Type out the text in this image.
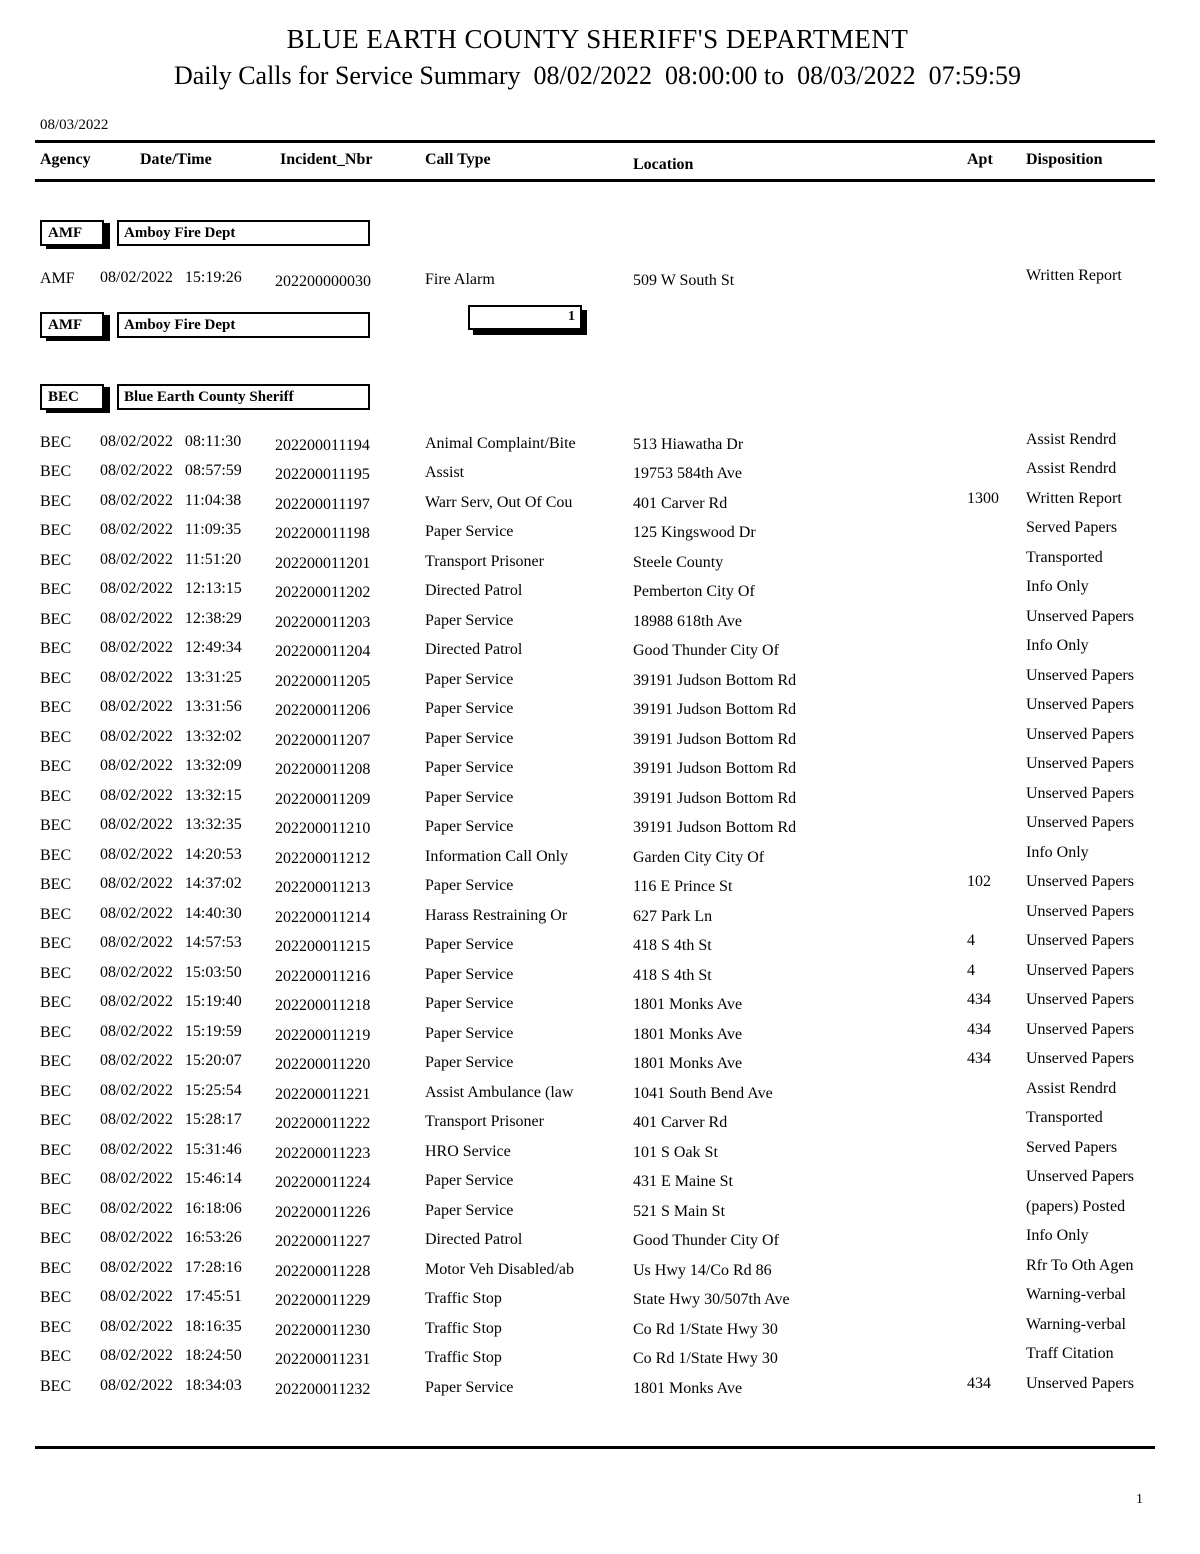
BLUE EARTH COUNTY SHERIFF'S DEPARTMENT
Daily Calls for Service Summary  08/02/2022  08:00:00 to  08/03/2022  07:59:59
08/03/2022
Agency	Date/Time	Incident_Nbr	Call Type	Location	Apt	Disposition
AMF	Amboy Fire Dept
AMF	08/02/2022 15:19:26 202200000030	Fire Alarm	509 W South St	Written Report
AMF	Amboy Fire Dept
1
BEC	Blue Earth County Sheriff
BEC	08/02/2022 08:11:30 202200011194	Animal Complaint/Bite	513 Hiawatha Dr	Assist Rendrd
BEC	08/02/2022 08:57:59 202200011195	Assist	19753 584th Ave	Assist Rendrd
BEC	08/02/2022 11:04:38 202200011197	Warr Serv, Out Of Cou	401 Carver Rd	1300	Written Report
BEC	08/02/2022 11:09:35 202200011198	Paper Service	125 Kingswood Dr	Served Papers
BEC	08/02/2022 11:51:20 202200011201	Transport Prisoner	Steele County	Transported
BEC	08/02/2022 12:13:15 202200011202	Directed Patrol	Pemberton City Of	Info Only
BEC	08/02/2022 12:38:29 202200011203	Paper Service	18988 618th Ave	Unserved Papers
BEC	08/02/2022 12:49:34 202200011204	Directed Patrol	Good Thunder City Of	Info Only
BEC	08/02/2022 13:31:25 202200011205	Paper Service	39191 Judson Bottom Rd	Unserved Papers
BEC	08/02/2022 13:31:56 202200011206	Paper Service	39191 Judson Bottom Rd	Unserved Papers
BEC	08/02/2022 13:32:02 202200011207	Paper Service	39191 Judson Bottom Rd	Unserved Papers
BEC	08/02/2022 13:32:09 202200011208	Paper Service	39191 Judson Bottom Rd	Unserved Papers
BEC	08/02/2022 13:32:15 202200011209	Paper Service	39191 Judson Bottom Rd	Unserved Papers
BEC	08/02/2022 13:32:35 202200011210	Paper Service	39191 Judson Bottom Rd	Unserved Papers
BEC	08/02/2022 14:20:53 202200011212	Information Call Only	Garden City City Of	Info Only
BEC	08/02/2022 14:37:02 202200011213	Paper Service	116 E Prince St	102	Unserved Papers
BEC	08/02/2022 14:40:30 202200011214	Harass Restraining Or	627 Park Ln	Unserved Papers
BEC	08/02/2022 14:57:53 202200011215	Paper Service	418 S 4th St	4	Unserved Papers
BEC	08/02/2022 15:03:50 202200011216	Paper Service	418 S 4th St	4	Unserved Papers
BEC	08/02/2022 15:19:40 202200011218	Paper Service	1801 Monks Ave	434	Unserved Papers
BEC	08/02/2022 15:19:59 202200011219	Paper Service	1801 Monks Ave	434	Unserved Papers
BEC	08/02/2022 15:20:07 202200011220	Paper Service	1801 Monks Ave	434	Unserved Papers
BEC	08/02/2022 15:25:54 202200011221	Assist Ambulance (law	1041 South Bend Ave	Assist Rendrd
BEC	08/02/2022 15:28:17 202200011222	Transport Prisoner	401 Carver Rd	Transported
BEC	08/02/2022 15:31:46 202200011223	HRO Service	101 S Oak St	Served Papers
BEC	08/02/2022 15:46:14 202200011224	Paper Service	431 E Maine St	Unserved Papers
BEC	08/02/2022 16:18:06 202200011226	Paper Service	521 S Main St	(papers) Posted
BEC	08/02/2022 16:53:26 202200011227	Directed Patrol	Good Thunder City Of	Info Only
BEC	08/02/2022 17:28:16 202200011228	Motor Veh Disabled/ab	Us Hwy 14/Co Rd 86	Rfr To Oth Agen
BEC	08/02/2022 17:45:51 202200011229	Traffic Stop	State Hwy 30/507th Ave	Warning-verbal
BEC	08/02/2022 18:16:35 202200011230	Traffic Stop	Co Rd 1/State Hwy 30	Warning-verbal
BEC	08/02/2022 18:24:50 202200011231	Traffic Stop	Co Rd 1/State Hwy 30	Traff Citation
BEC	08/02/2022 18:34:03 202200011232	Paper Service	1801 Monks Ave	434	Unserved Papers
1
